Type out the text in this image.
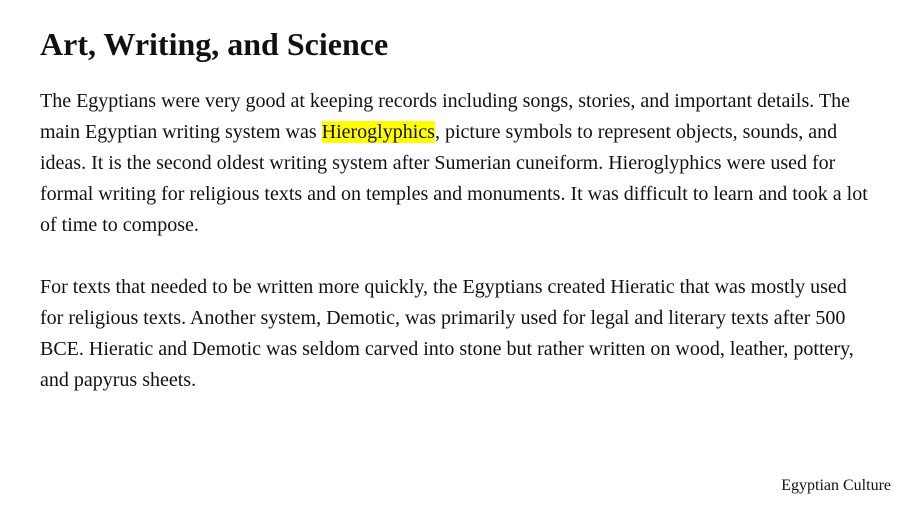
Art, Writing, and Science

The Egyptians were very good at keeping records including songs, stories, and important details. The main Egyptian writing system was Hieroglyphics, picture symbols to represent objects, sounds, and ideas. It is the second oldest writing system after Sumerian cuneiform. Hieroglyphics were used for formal writing for religious texts and on temples and monuments. It was difficult to learn and took a lot of time to compose.

For texts that needed to be written more quickly, the Egyptians created Hieratic that was mostly used for religious texts. Another system, Demotic, was primarily used for legal and literary texts after 500 BCE. Hieratic and Demotic was seldom carved into stone but rather written on wood, leather, pottery, and papyrus sheets.

Egyptian Culture
